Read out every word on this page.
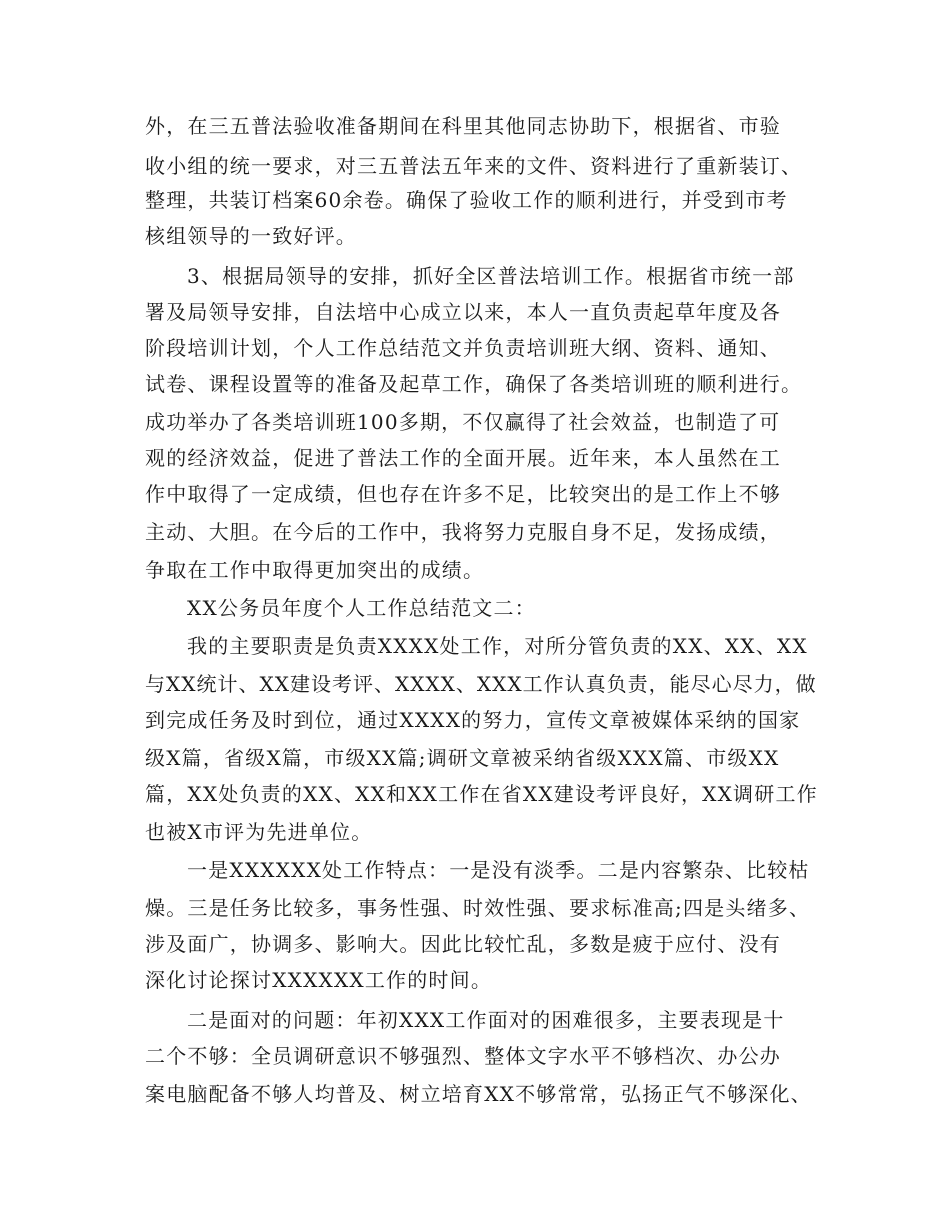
外，在三五普法验收准备期间在科里其他同志协助下，根据省、市验
收小组的统一要求，对三五普法五年来的文件、资料进行了重新装订、
整理，共装订档案60余卷。确保了验收工作的顺利进行，并受到市考
核组领导的一致好评。
3、根据局领导的安排，抓好全区普法培训工作。根据省市统一部
署及局领导安排，自法培中心成立以来，本人一直负责起草年度及各
阶段培训计划，个人工作总结范文并负责培训班大纲、资料、通知、
试卷、课程设置等的准备及起草工作，确保了各类培训班的顺利进行。
成功举办了各类培训班100多期，不仅赢得了社会效益，也制造了可
观的经济效益，促进了普法工作的全面开展。近年来，本人虽然在工
作中取得了一定成绩，但也存在许多不足，比较突出的是工作上不够
主动、大胆。在今后的工作中，我将努力克服自身不足，发扬成绩，
争取在工作中取得更加突出的成绩。
XX公务员年度个人工作总结范文二：
我的主要职责是负责XXXX处工作，对所分管负责的XX、XX、XX
与XX统计、XX建设考评、XXXX、XXX工作认真负责，能尽心尽力，做
到完成任务及时到位，通过XXXX的努力，宣传文章被媒体采纳的国家
级X篇，省级X篇，市级XX篇;调研文章被采纳省级XXX篇、市级XX
篇，XX处负责的XX、XX和XX工作在省XX建设考评良好，XX调研工作
也被X市评为先进单位。
一是XXXXXX处工作特点：一是没有淡季。二是内容繁杂、比较枯
燥。三是任务比较多，事务性强、时效性强、要求标准高;四是头绪多、
涉及面广，协调多、影响大。因此比较忙乱，多数是疲于应付、没有
深化讨论探讨XXXXXX工作的时间。
二是面对的问题：年初XXX工作面对的困难很多，主要表现是十
二个不够：全员调研意识不够强烈、整体文字水平不够档次、办公办
案电脑配备不够人均普及、树立培育XX不够常常，弘扬正气不够深化、
